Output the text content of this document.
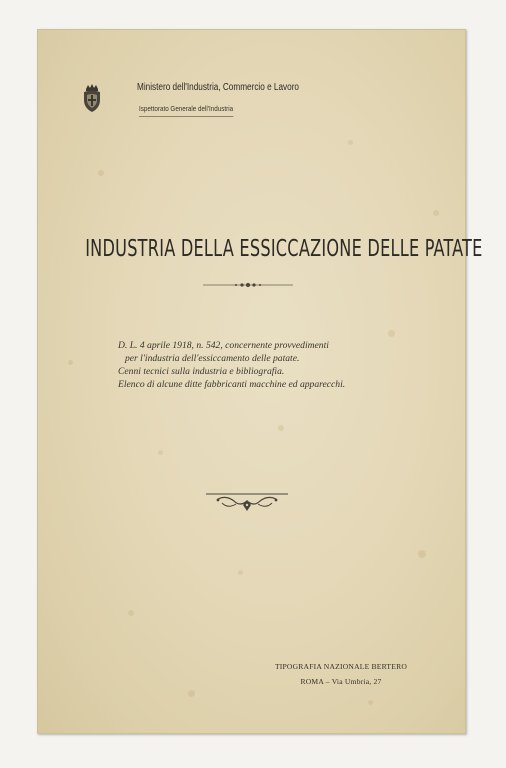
Ministero dell'Industria, Commercio e Lavoro
Ispettorato Generale dell'Industria
INDUSTRIA DELLA ESSICCAZIONE DELLE PATATE
D. L. 4 aprile 1918, n. 542, concernente provvedimenti
per l'industria dell'essiccamento delle patate.
Cenni tecnici sulla industria e bibliografia.
Elenco di alcune ditte fabbricanti macchine ed apparecchi.
TIPOGRAFIA NAZIONALE BERTERO
ROMA – Via Umbria, 27
